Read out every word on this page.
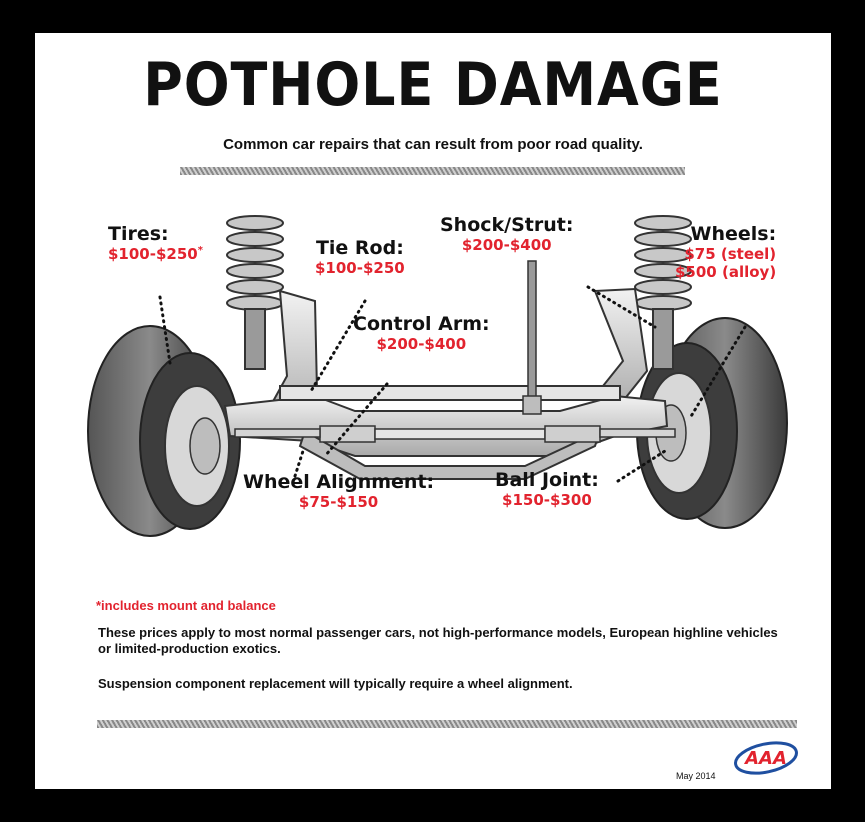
POTHOLE DAMAGE
Common car repairs that can result from poor road quality.
Tires:
$100-$250*	Tie Rod:
$100-$250
Shock/Strut:
$200-$400	Wheels:
$75 (steel)
$500 (alloy)
Control Arm:
$200-$400
Wheel Alignment:
$75-$150
Ball Joint:
$150-$300
*includes mount and balance
These prices apply to most normal passenger cars, not high-performance models, European highline vehicles or limited-production exotics.
Suspension component replacement will typically require a wheel alignment.
May 2014
AAA
